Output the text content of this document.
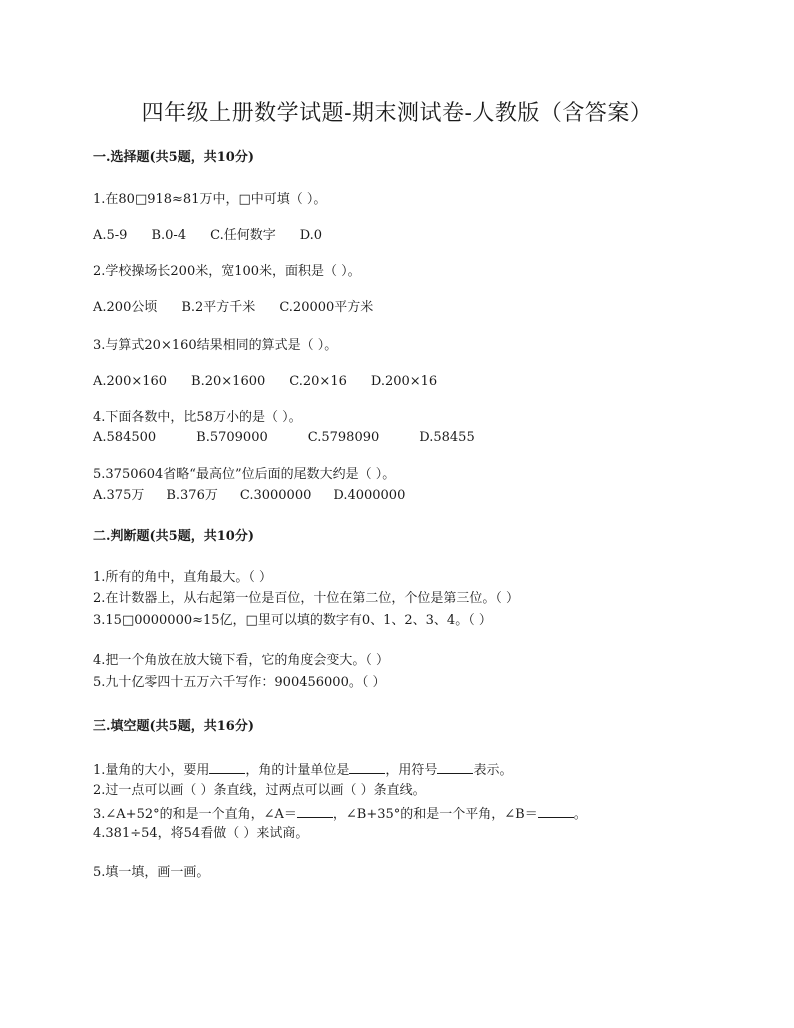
四年级上册数学试题-期末测试卷-人教版（含答案）
一.选择题(共5题，共10分)
1.在80□918≈81万中，□中可填（ ）。
A.5-9 B.0-4 C.任何数字 D.0
2.学校操场长200米，宽100米，面积是（ ）。
A.200公顷 B.2平方千米 C.20000平方米
3.与算式20×160结果相同的算式是（ ）。
A.200×160 B.20×1600 C.20×16 D.200×16
4.下面各数中，比58万小的是（ ）。
A.584500	B.5709000	C.5798090	D.58455
5.3750604省略“最高位”位后面的尾数大约是（ ）。
A.375万 B.376万 C.3000000 D.4000000
二.判断题(共5题，共10分)
1.所有的角中，直角最大。（ ）
2.在计数器上，从右起第一位是百位，十位在第二位，个位是第三位。（ ）
3.15□0000000≈15亿，□里可以填的数字有0、1、2、3、4。（ ）
4.把一个角放在放大镜下看，它的角度会变大。（ ）
5.九十亿零四十五万六千写作：900456000。（ ）
三.填空题(共5题，共16分)
1.量角的大小，要用	，角的计量单位是	，用符号	表示。
2.过一点可以画（ ）条直线，过两点可以画（ ）条直线。
3.∠A+52°的和是一个直角，∠A＝	，∠B+35°的和是一个平角，∠B＝	。
4.381÷54，将54看做（ ）来试商。
5.填一填，画一画。
